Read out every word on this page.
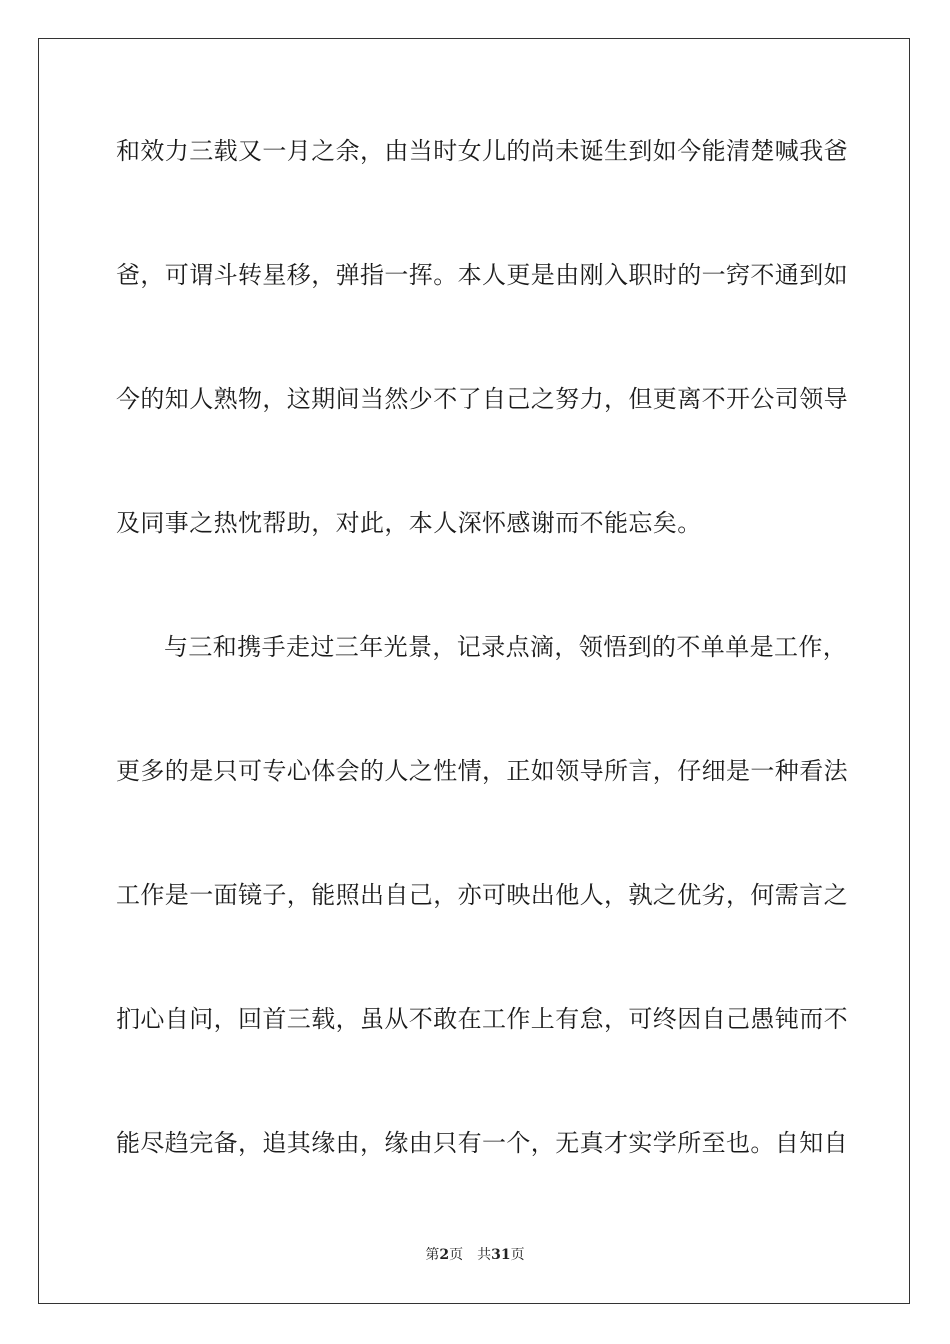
和效力三载又一月之余，由当时女儿的尚未诞生到如今能清楚喊我爸
爸，可谓斗转星移，弹指一挥。本人更是由刚入职时的一窍不通到如
今的知人熟物，这期间当然少不了自己之努力，但更离不开公司领导
及同事之热忱帮助，对此，本人深怀感谢而不能忘矣。
与三和携手走过三年光景，记录点滴，领悟到的不单单是工作，
更多的是只可专心体会的人之性情，正如领导所言，仔细是一种看法
工作是一面镜子，能照出自己，亦可映出他人，孰之优劣，何需言之
扪心自问，回首三载，虽从不敢在工作上有怠，可终因自己愚钝而不
能尽趋完备，追其缘由，缘由只有一个，无真才实学所至也。自知自
第2页 共31页
